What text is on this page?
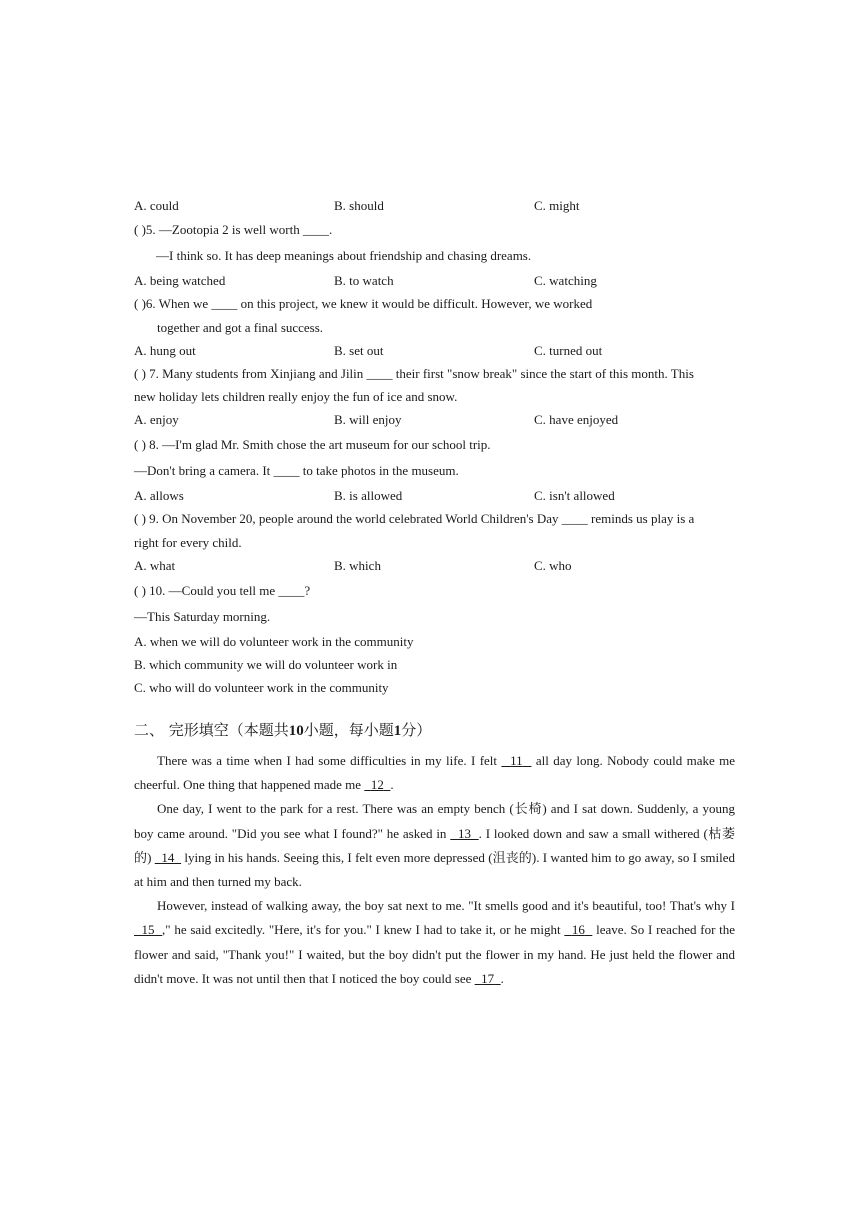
A. could	B. should	C. might
( )5. —Zootopia 2 is well worth ____.
—I think so. It has deep meanings about friendship and chasing dreams.
A. being watched	B. to watch	C. watching
( )6. When we ____ on this project, we knew it would be difficult. However, we worked
together and got a final success.
A. hung out	B. set out	C. turned out
( ) 7. Many students from Xinjiang and Jilin ____ their first "snow break" since the start of this month. This
new holiday lets children really enjoy the fun of ice and snow.
A. enjoy	B. will enjoy	C. have enjoyed
( ) 8. —I'm glad Mr. Smith chose the art museum for our school trip.
—Don't bring a camera. It ____ to take photos in the museum.
A. allows	B. is allowed	C. isn't allowed
( ) 9. On November 20, people around the world celebrated World Children's Day ____ reminds us play is a
right for every child.
A. what	B. which	C. who
( ) 10. —Could you tell me ____?
—This Saturday morning.
A. when we will do volunteer work in the community
B. which community we will do volunteer work in
C. who will do volunteer work in the community
二、 完形填空（本题共10小题，每小题1分）

There was a time when I had some difficulties in my life. I felt   11   all day long. Nobody could make me cheerful. One thing that happened made me   12 .

One day, I went to the park for a rest. There was an empty bench (长椅) and I sat down. Suddenly, a young boy came around. "Did you see what I found?" he asked in   13 . I looked down and saw a small withered (枯萎的)   14   lying in his hands. Seeing this, I felt even more depressed (沮丧的). I wanted him to go away, so I smiled at him and then turned my back.

However, instead of walking away, the boy sat next to me. "It smells good and it's beautiful, too! That's why I   15 ," he said excitedly. "Here, it's for you." I knew I had to take it, or he might   16   leave. So I reached for the flower and said, "Thank you!" I waited, but the boy didn't put the flower in my hand. He just held the flower and didn't move. It was not until then that I noticed the boy could see   17 .
